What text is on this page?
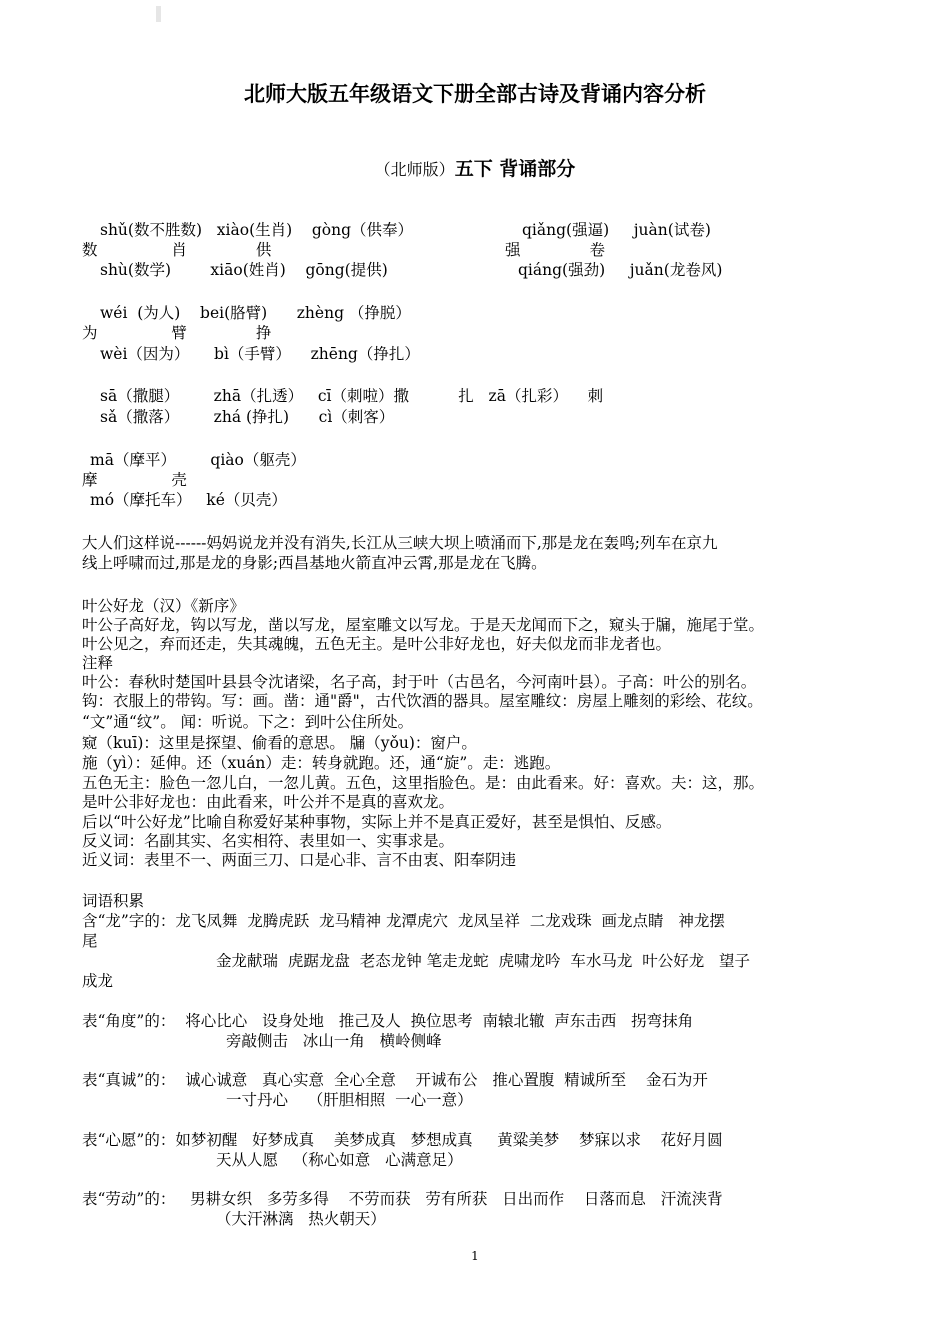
北师大版五年级语文下册全部古诗及背诵内容分析
（北师版）五下 背诵部分
shǔ(数不胜数)   xiào(生肖)    gòng（供奉）	qiǎng(强逼)     juàn(试卷)
数               肖              供	强              卷
shù(数学)        xiāo(姓肖)    gōng(提供)	qiáng(强劲)     juǎn(龙卷风)
wéi  (为人)    bei(胳臂)      zhèng （挣脱）
为               臂              挣
wèi（因为）     bì（手臂）    zhēng（挣扎）
sā（撒腿）       zhā（扎透）   cī（刺啦）撒          扎   zā（扎彩）    刺
sǎ（撒落）       zhá (挣扎)      cì（刺客）
mā（摩平）       qiào（躯壳）
摩               壳
mó（摩托车）   ké（贝壳）
大人们这样说------妈妈说龙并没有消失,长江从三峡大坝上喷涌而下,那是龙在轰鸣;列车在京九
线上呼啸而过,那是龙的身影;西昌基地火箭直冲云霄,那是龙在飞腾。
叶公好龙（汉）《新序》
叶公子高好龙，钩以写龙，凿以写龙，屋室雕文以写龙。于是天龙闻而下之，窥头于牖，施尾于堂。
叶公见之，弃而还走，失其魂魄，五色无主。是叶公非好龙也，好夫似龙而非龙者也。
注释
叶公：春秋时楚国叶县县令沈诸梁，名子高，封于叶（古邑名，今河南叶县）。子高：叶公的别名。
钩：衣服上的带钩。写：画。凿：通"爵"，古代饮酒的器具。屋室雕纹：房屋上雕刻的彩绘、花纹。
“文”通“纹”。 闻：听说。下之：到叶公住所处。
窥（kuī)：这里是探望、偷看的意思。 牖（yǒu)：窗户。
施（yì）：延伸。还（xuán）走：转身就跑。还，通“旋”。走：逃跑。
五色无主：脸色一忽儿白，一忽儿黄。五色，这里指脸色。是：由此看来。好：喜欢。夫：这，那。
是叶公非好龙也：由此看来，叶公并不是真的喜欢龙。
后以“叶公好龙”比喻自称爱好某种事物，实际上并不是真正爱好，甚至是惧怕、反感。
反义词：名副其实、名实相符、表里如一、实事求是。
近义词：表里不一、两面三刀、口是心非、言不由衷、阳奉阴违
词语积累
含“龙”字的：龙飞凤舞  龙腾虎跃  龙马精神 龙潭虎穴  龙凤呈祥  二龙戏珠  画龙点睛   神龙摆
尾
金龙献瑞  虎踞龙盘  老态龙钟 笔走龙蛇  虎啸龙吟  车水马龙  叶公好龙   望子
成龙
表“角度”的：  将心比心   设身处地   推己及人  换位思考  南辕北辙  声东击西   拐弯抹角
旁敲侧击   冰山一角   横岭侧峰
表“真诚”的：  诚心诚意   真心实意  全心全意    开诚布公   推心置腹  精诚所至    金石为开
一寸丹心    （肝胆相照  一心一意）
表“心愿”的：如梦初醒   好梦成真    美梦成真   梦想成真     黄粱美梦    梦寐以求    花好月圆
天从人愿   （称心如意   心满意足）
表“劳动”的：   男耕女织   多劳多得    不劳而获   劳有所获   日出而作    日落而息   汗流浃背
（大汗淋漓   热火朝天）
1
